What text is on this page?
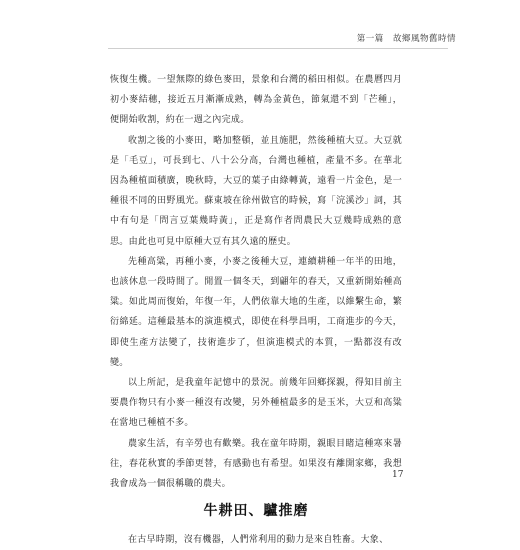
第一篇 故鄉風物舊時情

恢復生機。一望無際的綠色麥田，景象和台灣的稻田相似。在農曆四月初小麥結穗，接近五月漸漸成熟，轉為金黃色，節氣還不到「芒種」，便開始收割，約在一週之內完成。

收割之後的小麥田，略加整頓，並且施肥，然後種植大豆。大豆就是「毛豆」，可長到七、八十公分高，台灣也種植，產量不多。在華北因為種植面積廣，晚秋時，大豆的葉子由綠轉黃，遠看一片金色，是一種很不同的田野風光。蘇東坡在徐州做官的時候，寫「浣溪沙」詞，其中有句是「問言豆葉幾時黃」，正是寫作者問農民大豆幾時成熟的意思。由此也可見中原種大豆有其久遠的歷史。

先種高粱，再種小麥，小麥之後種大豆，連續耕種一年半的田地，也該休息一段時間了。閒置一個冬天，到翩年的春天，又重新開始種高粱。如此周而復始，年復一年，人們依靠大地的生產，以維繫生命，繁衍綿延。這種最基本的演進模式，即使在科學昌明，工商進步的今天，即使生產方法變了，技術進步了，但演進模式的本質，一點都沒有改變。

以上所記，是我童年記憶中的景況。前幾年回鄉探親，得知目前主要農作物只有小麥一種沒有改變，另外種植最多的是玉米，大豆和高粱在當地已種植不多。

農家生活，有辛勞也有歡樂。我在童年時期，親眼目睹這種寒來暑往，春花秋實的季節更替，有感動也有希望。如果沒有離開家鄉，我想我會成為一個很稱職的農夫。

牛耕田、驢推磨

在古早時期，沒有機器，人們常利用的動力是來自牲畜。大象、

17
